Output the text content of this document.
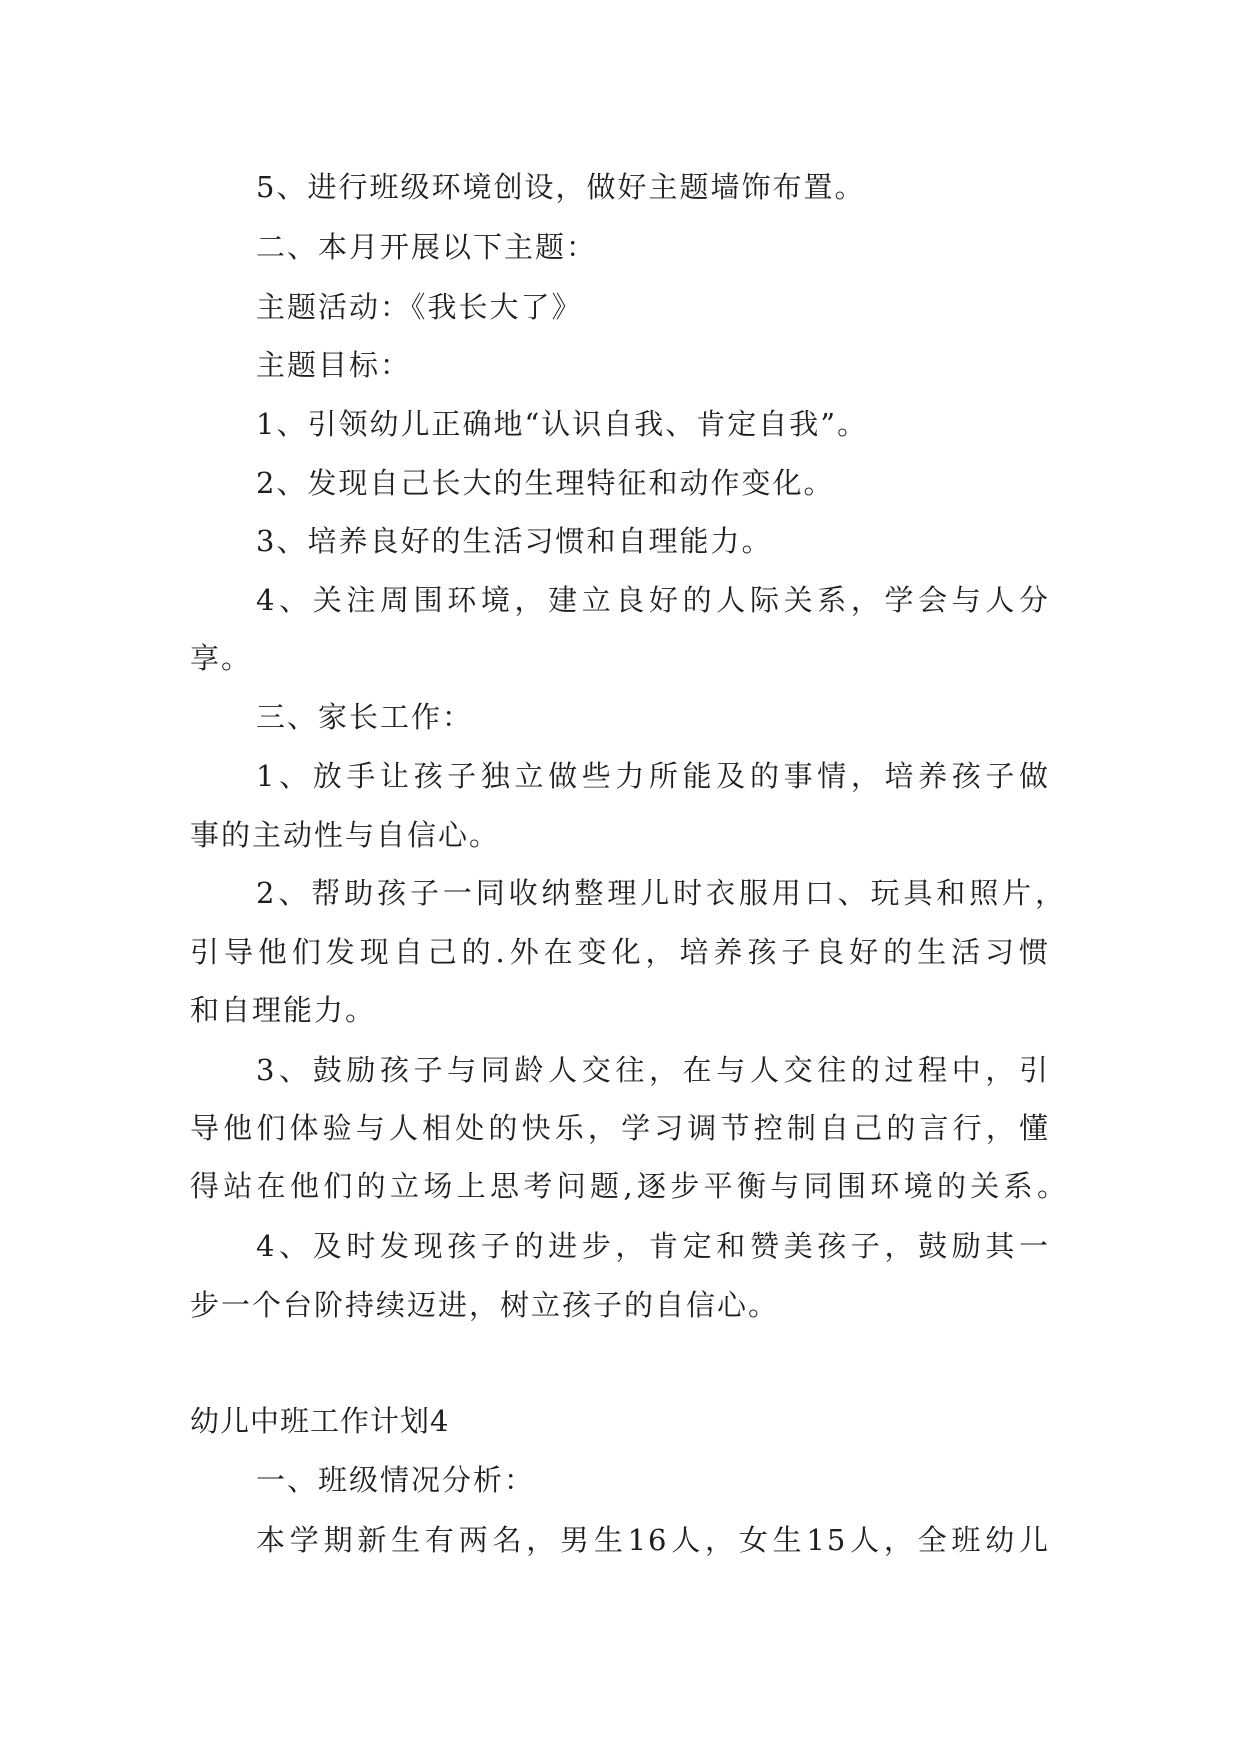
5、进行班级环境创设，做好主题墙饰布置。

二、本月开展以下主题：

主题活动：《我长大了》

主题目标：

1、引领幼儿正确地“认识自我、肯定自我”。

2、发现自己长大的生理特征和动作变化。

3、培养良好的生活习惯和自理能力。

4、关注周围环境，建立良好的人际关系，学会与人分

享。

三、家长工作：

1、放手让孩子独立做些力所能及的事情，培养孩子做

事的主动性与自信心。

2、帮助孩子一同收纳整理儿时衣服用口、玩具和照片，

引导他们发现自己的.外在变化，培养孩子良好的生活习惯

和自理能力。

3、鼓励孩子与同龄人交往，在与人交往的过程中，引

导他们体验与人相处的快乐，学习调节控制自己的言行，懂

得站在他们的立场上思考问题,逐步平衡与同围环境的关系。

4、及时发现孩子的进步，肯定和赞美孩子，鼓励其一

步一个台阶持续迈进，树立孩子的自信心。

幼儿中班工作计划4

一、班级情况分析：

本学期新生有两名，男生16人，女生15人，全班幼儿
